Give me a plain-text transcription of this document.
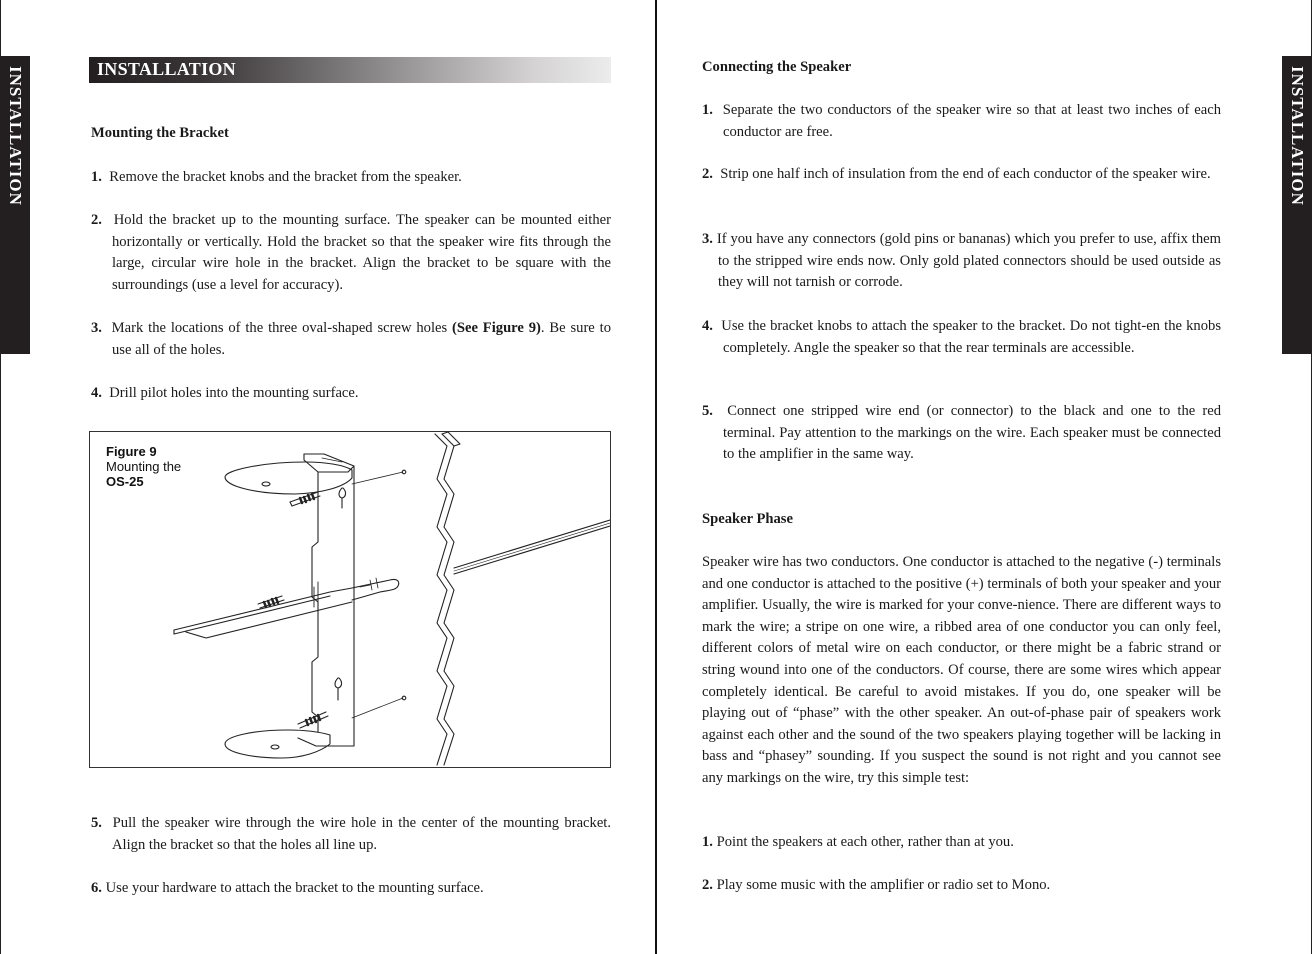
INSTALLATION	INSTALLATION
INSTALLATION
Mounting the Bracket
1. Remove the bracket knobs and the bracket from the speaker.
2. Hold the bracket up to the mounting surface. The speaker can be mounted either horizontally or vertically. Hold the bracket so that the speaker wire fits through the large, circular wire hole in the bracket. Align the bracket to be square with the surroundings (use a level for accuracy).
3. Mark the locations of the three oval-shaped screw holes (See Figure 9). Be sure to use all of the holes.
4. Drill pilot holes into the mounting surface.
5. Pull the speaker wire through the wire hole in the center of the mounting bracket. Align the bracket so that the holes all line up.
6. Use your hardware to attach the bracket to the mounting surface.
Figure 9
Mounting the
OS-25
Connecting the Speaker
1. Separate the two conductors of the speaker wire so that at least two inches of each conductor are free.
2. Strip one half inch of insulation from the end of each conductor of the speaker wire.
3. If you have any connectors (gold pins or bananas) which you prefer to use, affix them to the stripped wire ends now. Only gold plated connectors should be used outside as they will not tarnish or corrode.
4. Use the bracket knobs to attach the speaker to the bracket. Do not tight-en the knobs completely. Angle the speaker so that the rear terminals are accessible.
5. Connect one stripped wire end (or connector) to the black and one to the red terminal. Pay attention to the markings on the wire. Each speaker must be connected to the amplifier in the same way.
Speaker Phase
Speaker wire has two conductors. One conductor is attached to the negative (-) terminals and one conductor is attached to the positive (+) terminals of both your speaker and your amplifier. Usually, the wire is marked for your conve-nience. There are different ways to mark the wire; a stripe on one wire, a ribbed area of one conductor you can only feel, different colors of metal wire on each conductor, or there might be a fabric strand or string wound into one of the conductors. Of course, there are some wires which appear completely identical. Be careful to avoid mistakes. If you do, one speaker will be playing out of “phase” with the other speaker. An out-of-phase pair of speakers work against each other and the sound of the two speakers playing together will be lacking in bass and “phasey” sounding. If you suspect the sound is not right and you cannot see any markings on the wire, try this simple test:
1. Point the speakers at each other, rather than at you.
2. Play some music with the amplifier or radio set to Mono.
